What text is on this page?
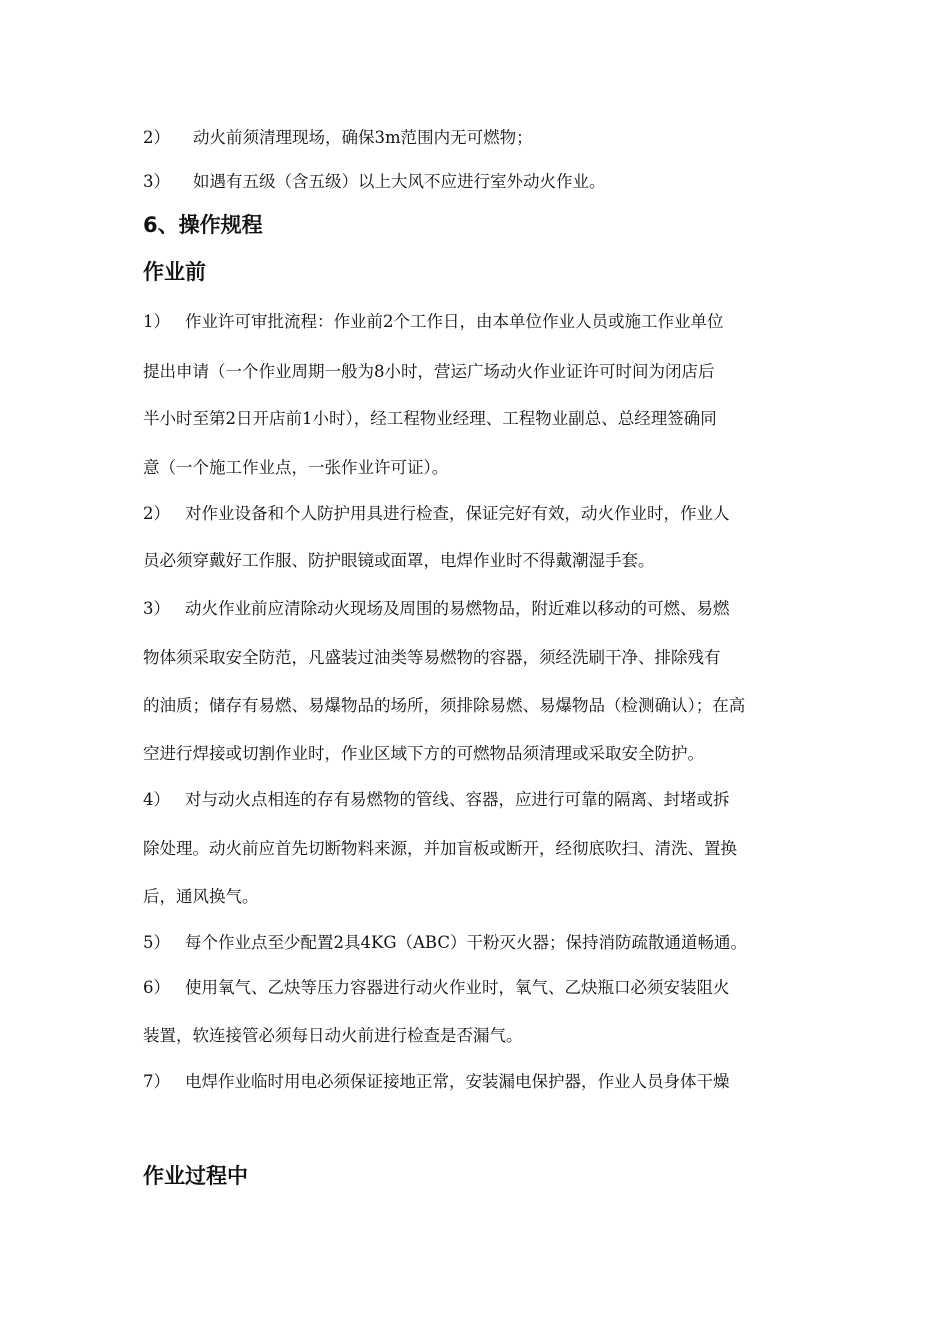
2） 动火前须清理现场，确保3m范围内无可燃物；
3） 如遇有五级（含五级）以上大风不应进行室外动火作业。
6、操作规程
作业前
1） 作业许可审批流程：作业前2个工作日，由本单位作业人员或施工作业单位
提出申请（一个作业周期一般为8小时，营运广场动火作业证许可时间为闭店后
半小时至第2日开店前1小时），经工程物业经理、工程物业副总、总经理签确同
意（一个施工作业点，一张作业许可证）。
2） 对作业设备和个人防护用具进行检查，保证完好有效，动火作业时，作业人
员必须穿戴好工作服、防护眼镜或面罩，电焊作业时不得戴潮湿手套。
3） 动火作业前应清除动火现场及周围的易燃物品，附近难以移动的可燃、易燃
物体须采取安全防范，凡盛装过油类等易燃物的容器，须经洗刷干净、排除残有
的油质；储存有易燃、易爆物品的场所，须排除易燃、易爆物品（检测确认）；在高
空进行焊接或切割作业时，作业区域下方的可燃物品须清理或采取安全防护。
4） 对与动火点相连的存有易燃物的管线、容器，应进行可靠的隔离、封堵或拆
除处理。动火前应首先切断物料来源，并加盲板或断开，经彻底吹扫、清洗、置换
后，通风换气。
5） 每个作业点至少配置2具4KG（ABC）干粉灭火器；保持消防疏散通道畅通。
6） 使用氧气、乙炔等压力容器进行动火作业时，氧气、乙炔瓶口必须安装阻火
装置，软连接管必须每日动火前进行检查是否漏气。
7） 电焊作业临时用电必须保证接地正常，安装漏电保护器，作业人员身体干燥
作业过程中
